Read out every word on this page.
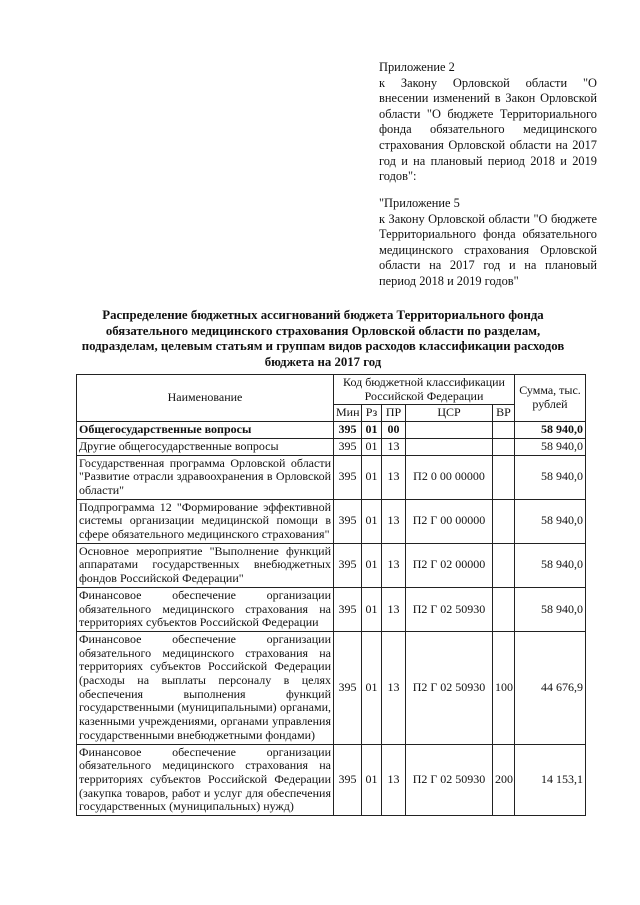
Приложение 2
к Закону Орловской области "О внесении изменений в Закон Орловской области "О бюджете Территориального фонда обязательного медицинского страхования Орловской области на 2017 год и на плановый период 2018 и 2019 годов":
"Приложение 5
к Закону Орловской области "О бюджете Территориального фонда обязательного медицинского страхования Орловской области на 2017 год и на плановый период 2018 и 2019 годов"
Распределение бюджетных ассигнований бюджета Территориального фонда обязательного медицинского страхования Орловской области по разделам, подразделам, целевым статьям и группам видов расходов классификации расходов бюджета на 2017 год
Наименование	Код бюджетной классификации Российской Федерации					Сумма, тыс. рублей
	Мин	Рз	ПР	ЦСР	ВР	
Общегосударственные вопросы	395	01	00			58 940,0
Другие общегосударственные вопросы	395	01	13			58 940,0
Государственная программа Орловской области "Развитие отрасли здравоохранения в Орловской области"	395	01	13	П2 0 00 00000		58 940,0
Подпрограмма 12 "Формирование эффективной системы организации медицинской помощи в сфере обязательного медицинского страхования"	395	01	13	П2 Г 00 00000		58 940,0
Основное мероприятие "Выполнение функций аппаратами государственных внебюджетных фондов Российской Федерации"	395	01	13	П2 Г 02 00000		58 940,0
Финансовое обеспечение организации обязательного медицинского страхования на территориях субъектов Российской Федерации	395	01	13	П2 Г 02 50930		58 940,0
Финансовое обеспечение организации обязательного медицинского страхования на территориях субъектов Российской Федерации (расходы на выплаты персоналу в целях обеспечения выполнения функций государственными (муниципальными) органами, казенными учреждениями, органами управления государственными внебюджетными фондами)	395	01	13	П2 Г 02 50930	100	44 676,9
Финансовое обеспечение организации обязательного медицинского страхования на территориях субъектов Российской Федерации (закупка товаров, работ и услуг для обеспечения государственных (муниципальных) нужд)	395	01	13	П2 Г 02 50930	200	14 153,1
